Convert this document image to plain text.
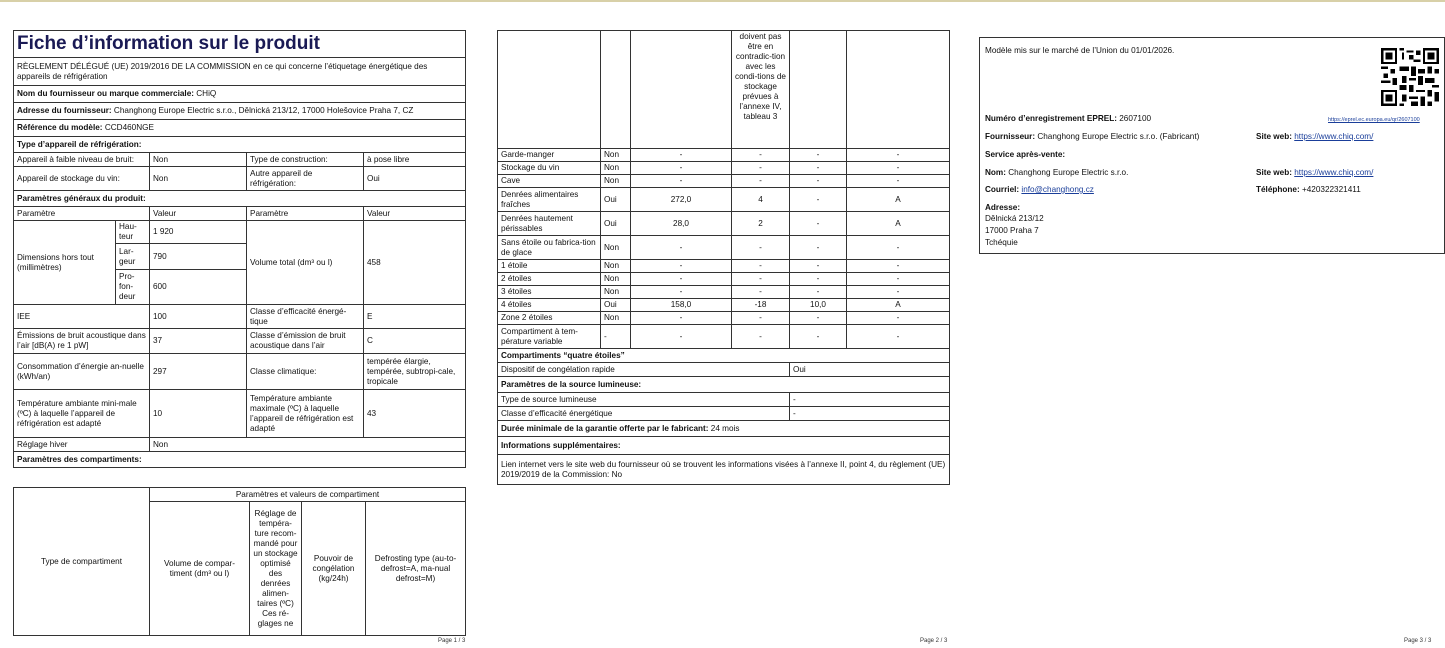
Fiche d’information sur le produit				
RÈGLEMENT DÉLÉGUÉ (UE) 2019/2016 DE LA COMMISSION en ce qui concerne l’étiquetage énergétique des appareils de réfrigération				
Nom du fournisseur ou marque commerciale: CHiQ				
Adresse du fournisseur: Changhong Europe Electric s.r.o., Dělnická 213/12, 17000 Holešovice Praha 7, CZ				
Référence du modèle: CCD460NGE				
Type d’appareil de réfrigération:				
Appareil à faible niveau de bruit:		Non	Type de construction:	à pose libre
Appareil de stockage du vin:		Non	Autre appareil de réfrigération:	Oui
Paramètres généraux du produit:				
Paramètre		Valeur	Paramètre	Valeur
Dimensions hors tout (millimètres)	Hau-teur	1 920	Volume total (dm³ ou l)	458
	Lar-geur	790		
	Pro-fon-deur	600		
IEE		100	Classe d’efficacité énergé-tique	E
Émissions de bruit acoustique dans l’air [dB(A) re 1 pW]		37	Classe d’émission de bruit acoustique dans l’air	C
Consommation d’énergie an-nuelle (kWh/an)		297	Classe climatique:	tempérée élargie, tempérée, subtropi-cale, tropicale
Température ambiante mini-male (ºC) à laquelle l’appareil de réfrigération est adapté		10	Température ambiante maximale (ºC) à laquelle l’appareil de réfrigération est adapté	43
Réglage hiver		Non		
Paramètres des compartiments:				
Type de compartiment	Paramètres et valeurs de compartiment			
	Volume de compar-timent (dm³ ou l)	Réglage de tempéra-ture recom-mandé pour un stockage optimisé des denrées alimen-taires (ºC) Ces ré-glages ne	Pouvoir de congélation (kg/24h)	Defrosting type (au-to-defrost=A, ma-nual defrost=M)
Page 1 / 3
			doivent pas être en contradic-tion avec les condi-tions de stockage prévues à l’annexe IV, tableau 3		
Garde-manger	Non	-	-	-	-
Stockage du vin	Non	-	-	-	-
Cave	Non	-	-	-	-
Denrées alimentaires fraîches	Oui	272,0	4	-	A
Denrées hautement périssables	Oui	28,0	2	-	A
Sans étoile ou fabrica-tion de glace	Non	-	-	-	-
1 étoile	Non	-	-	-	-
2 étoiles	Non	-	-	-	-
3 étoiles	Non	-	-	-	-
4 étoiles	Oui	158,0	-18	10,0	A
Zone 2 étoiles	Non	-	-	-	-
Compartiment à tem-pérature variable	-	-	-	-	-
Compartiments “quatre étoiles”					
Dispositif de congélation rapide				Oui	
Paramètres de la source lumineuse:					
Type de source lumineuse				-	
Classe d’efficacité énergétique				-	
Durée minimale de la garantie offerte par le fabricant: 24 mois					
Informations supplémentaires:					
Lien internet vers le site web du fournisseur où se trouvent les informations visées à l’annexe II, point 4, du règlement (UE) 2019/2019 de la Commission: No					
Page 2 / 3
Modèle mis sur le marché de l’Union du 01/01/2026.
Numéro d’enregistrement EPREL: 2607100	https://eprel.ec.europa.eu/qr/2607100
Fournisseur: Changhong Europe Electric s.r.o. (Fabricant)	Site web: https://www.chiq.com/
Service après-vente:
Nom: Changhong Europe Electric s.r.o.	Site web: https://www.chiq.com/
Courriel: info@changhong.cz	Téléphone: +420322321411
Adresse:
Dělnická 213/12
17000 Praha 7
Tchéquie
Page 3 / 3
